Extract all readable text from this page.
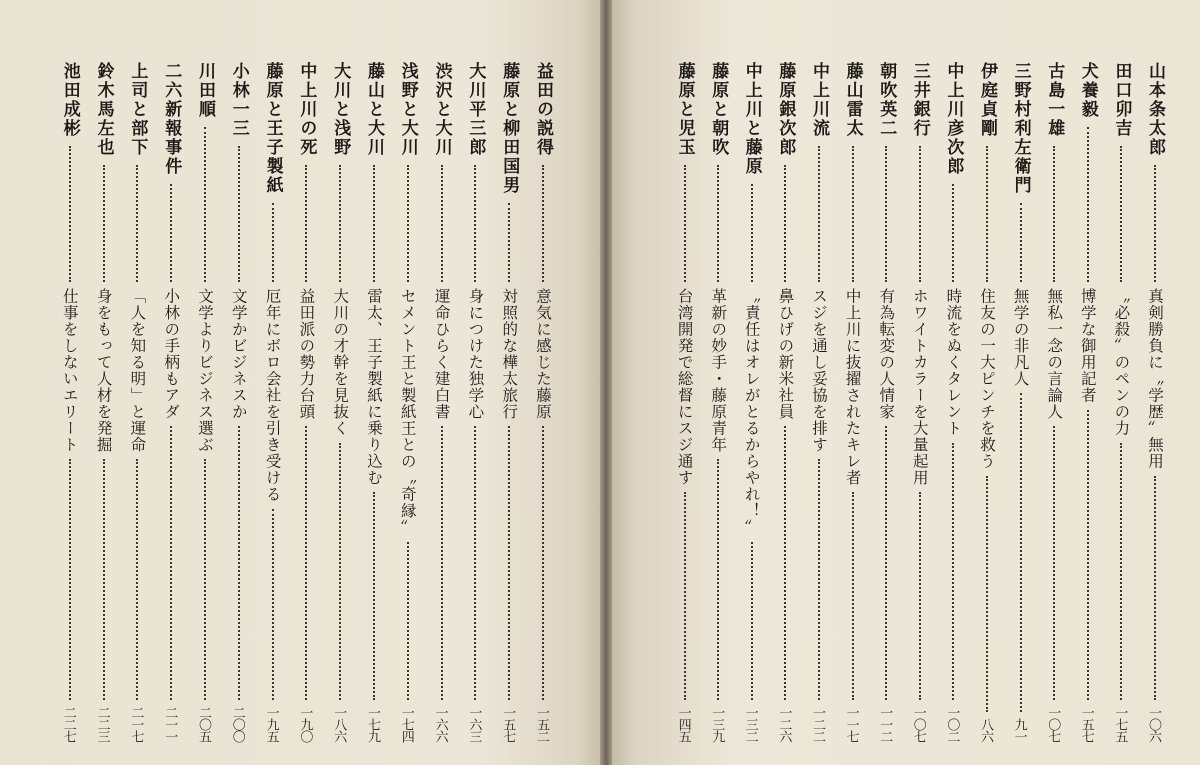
益田の説得
意気に感じた藤原
一五二
藤原と柳田国男
対照的な樺太旅行
一五七
大川平三郎
身につけた独学心
一六三
渋沢と大川
運命ひらく建白書
一六六
浅野と大川
セメント王と製紙王との〝奇縁〟
一七四
藤山と大川
雷太、王子製紙に乗り込む
一七九
大川と浅野
大川の才幹を見抜く
一八六
中上川の死
益田派の勢力台頭
一九〇
藤原と王子製紙
厄年にボロ会社を引き受ける
一九五
小林一三
文学かビジネスか
二〇〇
川田順
文学よりビジネス選ぶ
二〇五
二六新報事件
小林の手柄もアダ
二一一
上司と部下
「人を知る明」と運命
二一七
鈴木馬左也
身をもって人材を発掘
二二三
池田成彬
仕事をしないエリート
二二七
山本条太郎
真剣勝負に〝学歴〟無用
一〇六
田口卯吉
〝必殺〟のペンの力
一七五
犬養毅
博学な御用記者
一五七
古島一雄
無私一念の言論人
一〇七
三野村利左衛門
無学の非凡人
九一
伊庭貞剛
住友の一大ピンチを救う
八六
中上川彦次郎
時流をぬくタレント
一〇二
三井銀行
ホワイトカラーを大量起用
一〇七
朝吹英二
有為転変の人情家
一一二
藤山雷太
中上川に抜擢されたキレ者
一一七
中上川流
スジを通し妥協を排す
一二二
藤原銀次郎
鼻ひげの新米社員
一二六
中上川と藤原
〝責任はオレがとるからやれ！〟
一三二
藤原と朝吹
革新の妙手・藤原青年
一三九
藤原と児玉
台湾開発で総督にスジ通す
一四五
